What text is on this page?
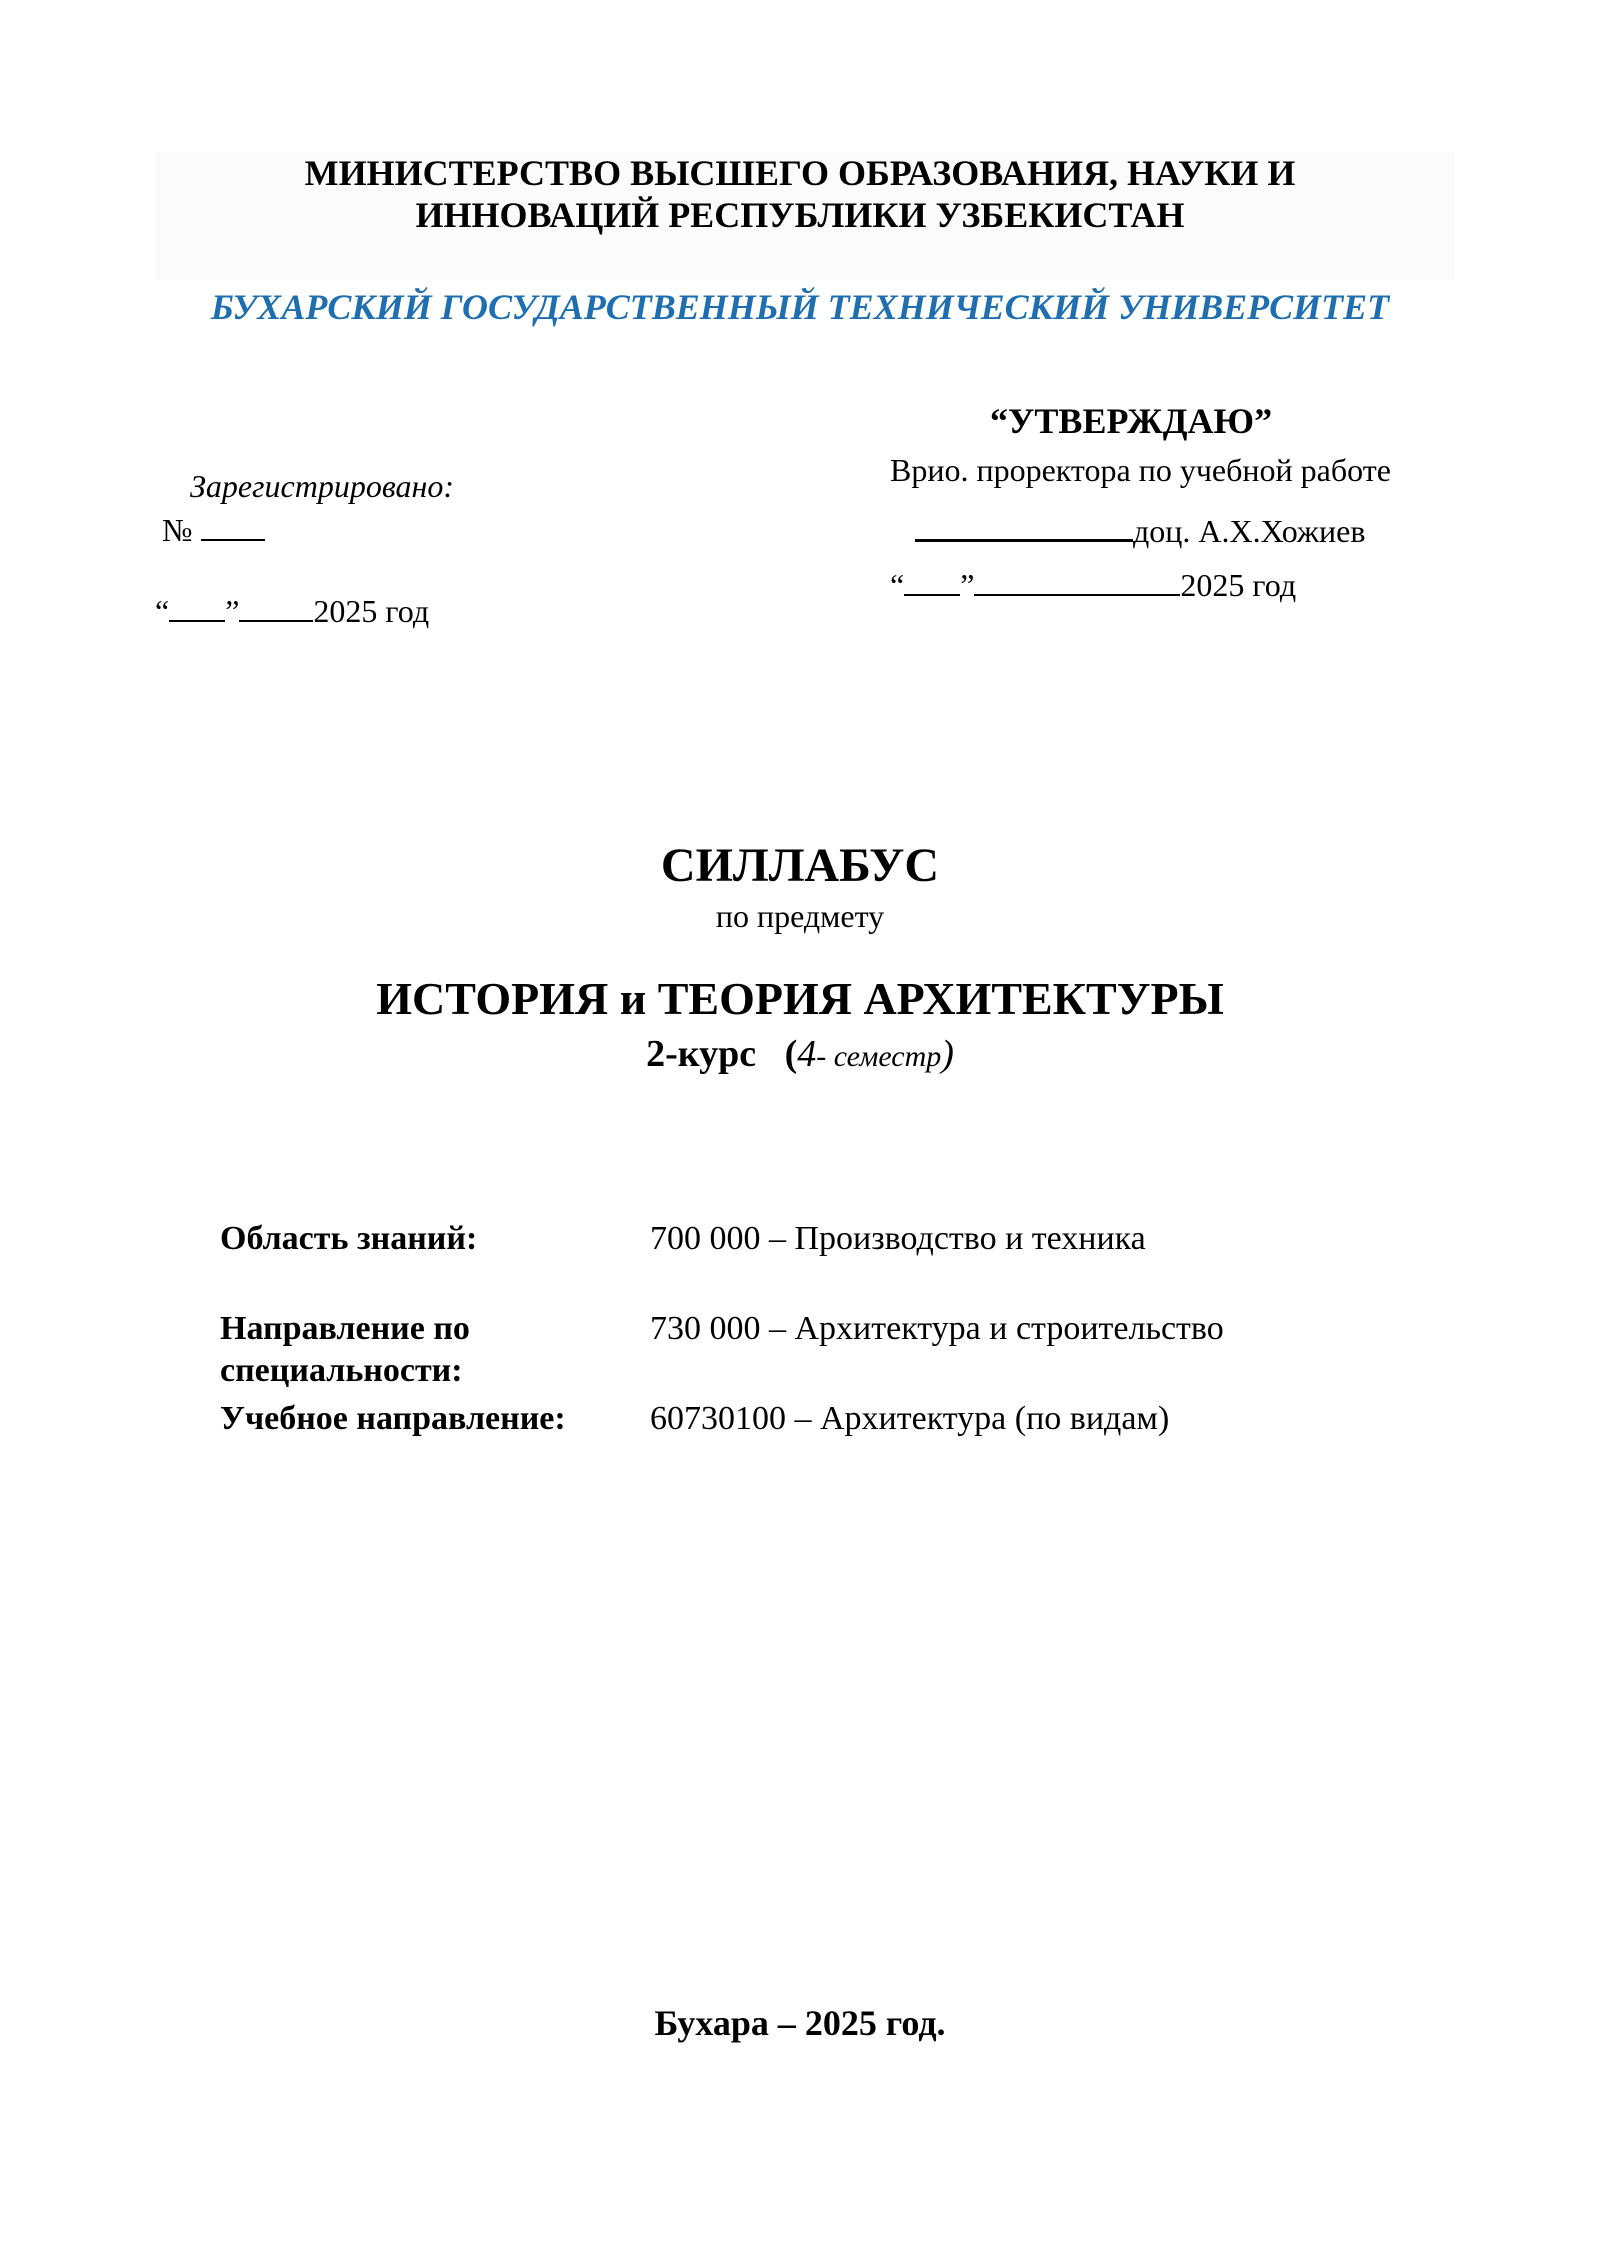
МИНИСТЕРСТВО ВЫСШЕГО ОБРАЗОВАНИЯ, НАУКИ И
ИННОВАЦИЙ РЕСПУБЛИКИ УЗБЕКИСТАН
БУХАРСКИЙ ГОСУДАРСТВЕННЫЙ ТЕХНИЧЕСКИЙ УНИВЕРСИТЕТ
Зарегистрировано:
№
“ ” 2025 год
“УТВЕРЖДАЮ”
Врио. проректора по учебной работе
доц. А.Х.Хожиев
“ ”	2025 год
СИЛЛАБУС
по предмету
ИСТОРИЯ и ТЕОРИЯ АРХИТЕКТУРЫ
2-курс (4- семестр)
Область знаний:	700 000 – Производство и техника
Направление по
специальности:
730 000 – Архитектура и строительство
Учебное направление: 60730100 – Архитектура (по видам)
Бухара – 2025 год.
